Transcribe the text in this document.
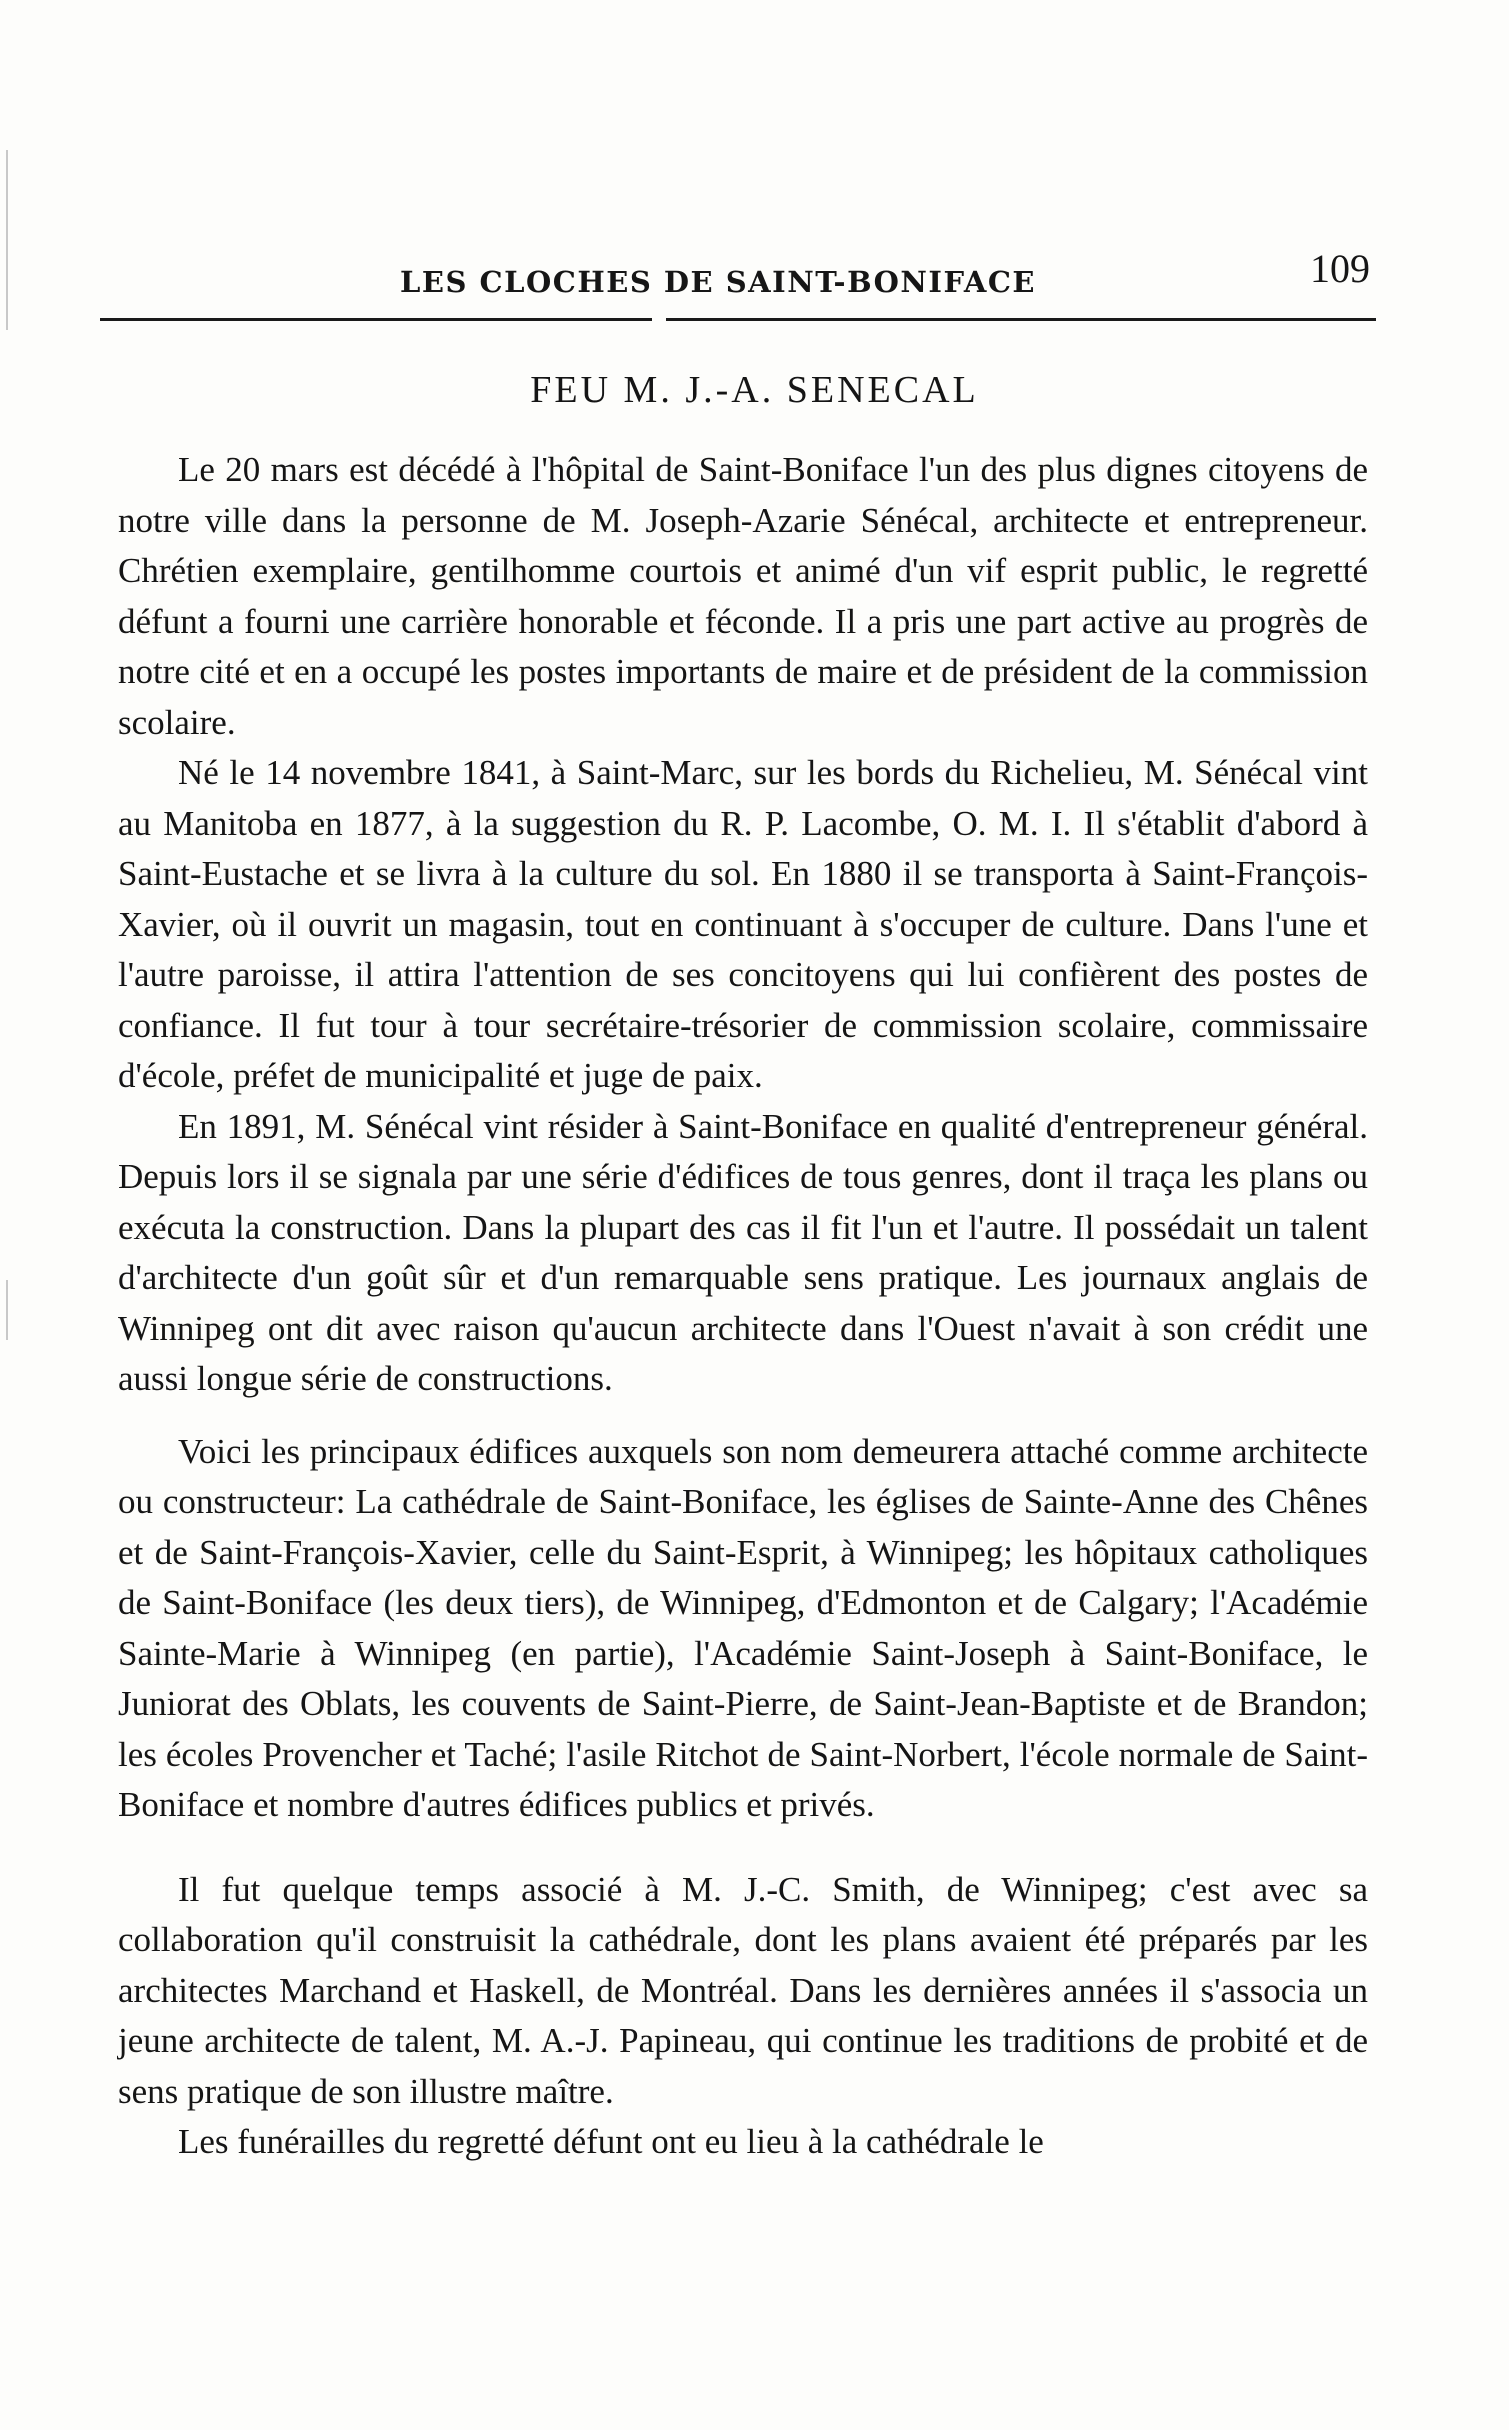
LES CLOCHES DE SAINT-BONIFACE	109
FEU M. J.-A. SENECAL

Le 20 mars est décédé à l'hôpital de Saint-Boniface l'un des plus dignes citoyens de notre ville dans la personne de M. Joseph-Azarie Sénécal, architecte et entrepreneur. Chrétien exemplaire, gentilhomme courtois et animé d'un vif esprit public, le regretté défunt a fourni une carrière honorable et féconde. Il a pris une part active au progrès de notre cité et en a occupé les postes importants de maire et de président de la commission scolaire.

Né le 14 novembre 1841, à Saint-Marc, sur les bords du Richelieu, M. Sénécal vint au Manitoba en 1877, à la suggestion du R. P. Lacombe, O. M. I. Il s'établit d'abord à Saint-Eustache et se livra à la culture du sol. En 1880 il se transporta à Saint-François-Xavier, où il ouvrit un magasin, tout en continuant à s'occuper de culture. Dans l'une et l'autre paroisse, il attira l'attention de ses concitoyens qui lui confièrent des postes de confiance. Il fut tour à tour secrétaire-trésorier de commission scolaire, commissaire d'école, préfet de municipalité et juge de paix.

En 1891, M. Sénécal vint résider à Saint-Boniface en qualité d'entrepreneur général. Depuis lors il se signala par une série d'édifices de tous genres, dont il traça les plans ou exécuta la construction. Dans la plupart des cas il fit l'un et l'autre. Il possédait un talent d'architecte d'un goût sûr et d'un remarquable sens pratique. Les journaux anglais de Winnipeg ont dit avec raison qu'aucun architecte dans l'Ouest n'avait à son crédit une aussi longue série de constructions.

Voici les principaux édifices auxquels son nom demeurera attaché comme architecte ou constructeur: La cathédrale de Saint-Boniface, les églises de Sainte-Anne des Chênes et de Saint-François-Xavier, celle du Saint-Esprit, à Winnipeg; les hôpitaux catholiques de Saint-Boniface (les deux tiers), de Winnipeg, d'Edmonton et de Calgary; l'Académie Sainte-Marie à Winnipeg (en partie), l'Académie Saint-Joseph à Saint-Boniface, le Juniorat des Oblats, les couvents de Saint-Pierre, de Saint-Jean-Baptiste et de Brandon; les écoles Provencher et Taché; l'asile Ritchot de Saint-Norbert, l'école normale de Saint-Boniface et nombre d'autres édifices publics et privés.

Il fut quelque temps associé à M. J.-C. Smith, de Winnipeg; c'est avec sa collaboration qu'il construisit la cathédrale, dont les plans avaient été préparés par les architectes Marchand et Haskell, de Montréal. Dans les dernières années il s'associa un jeune architecte de talent, M. A.-J. Papineau, qui continue les traditions de probité et de sens pratique de son illustre maître.

Les funérailles du regretté défunt ont eu lieu à la cathédrale le
